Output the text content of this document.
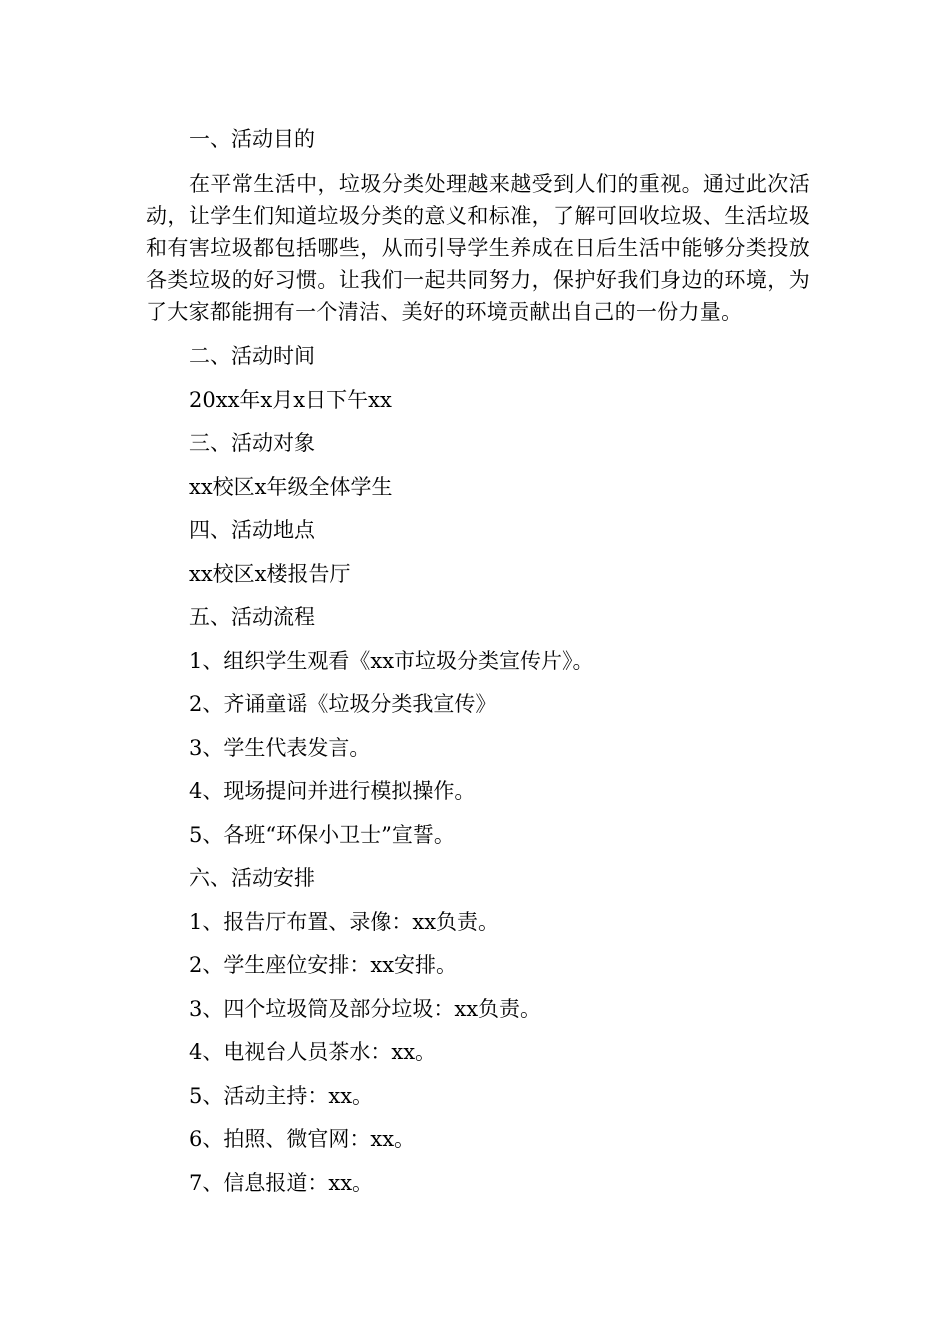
一、活动目的

在平常生活中，垃圾分类处理越来越受到人们的重视。通过此次活动，让学生们知道垃圾分类的意义和标准，了解可回收垃圾、生活垃圾和有害垃圾都包括哪些，从而引导学生养成在日后生活中能够分类投放各类垃圾的好习惯。让我们一起共同努力，保护好我们身边的环境，为了大家都能拥有一个清洁、美好的环境贡献出自己的一份力量。

二、活动时间
20xx年x月x日下午xx
三、活动对象
xx校区x年级全体学生
四、活动地点
xx校区x楼报告厅
五、活动流程
1、组织学生观看《xx市垃圾分类宣传片》。
2、齐诵童谣《垃圾分类我宣传》
3、学生代表发言。
4、现场提问并进行模拟操作。
5、各班“环保小卫士”宣誓。
六、活动安排
1、报告厅布置、录像：xx负责。
2、学生座位安排：xx安排。
3、四个垃圾筒及部分垃圾：xx负责。
4、电视台人员茶水：xx。
5、活动主持：xx。
6、拍照、微官网：xx。
7、信息报道：xx。
